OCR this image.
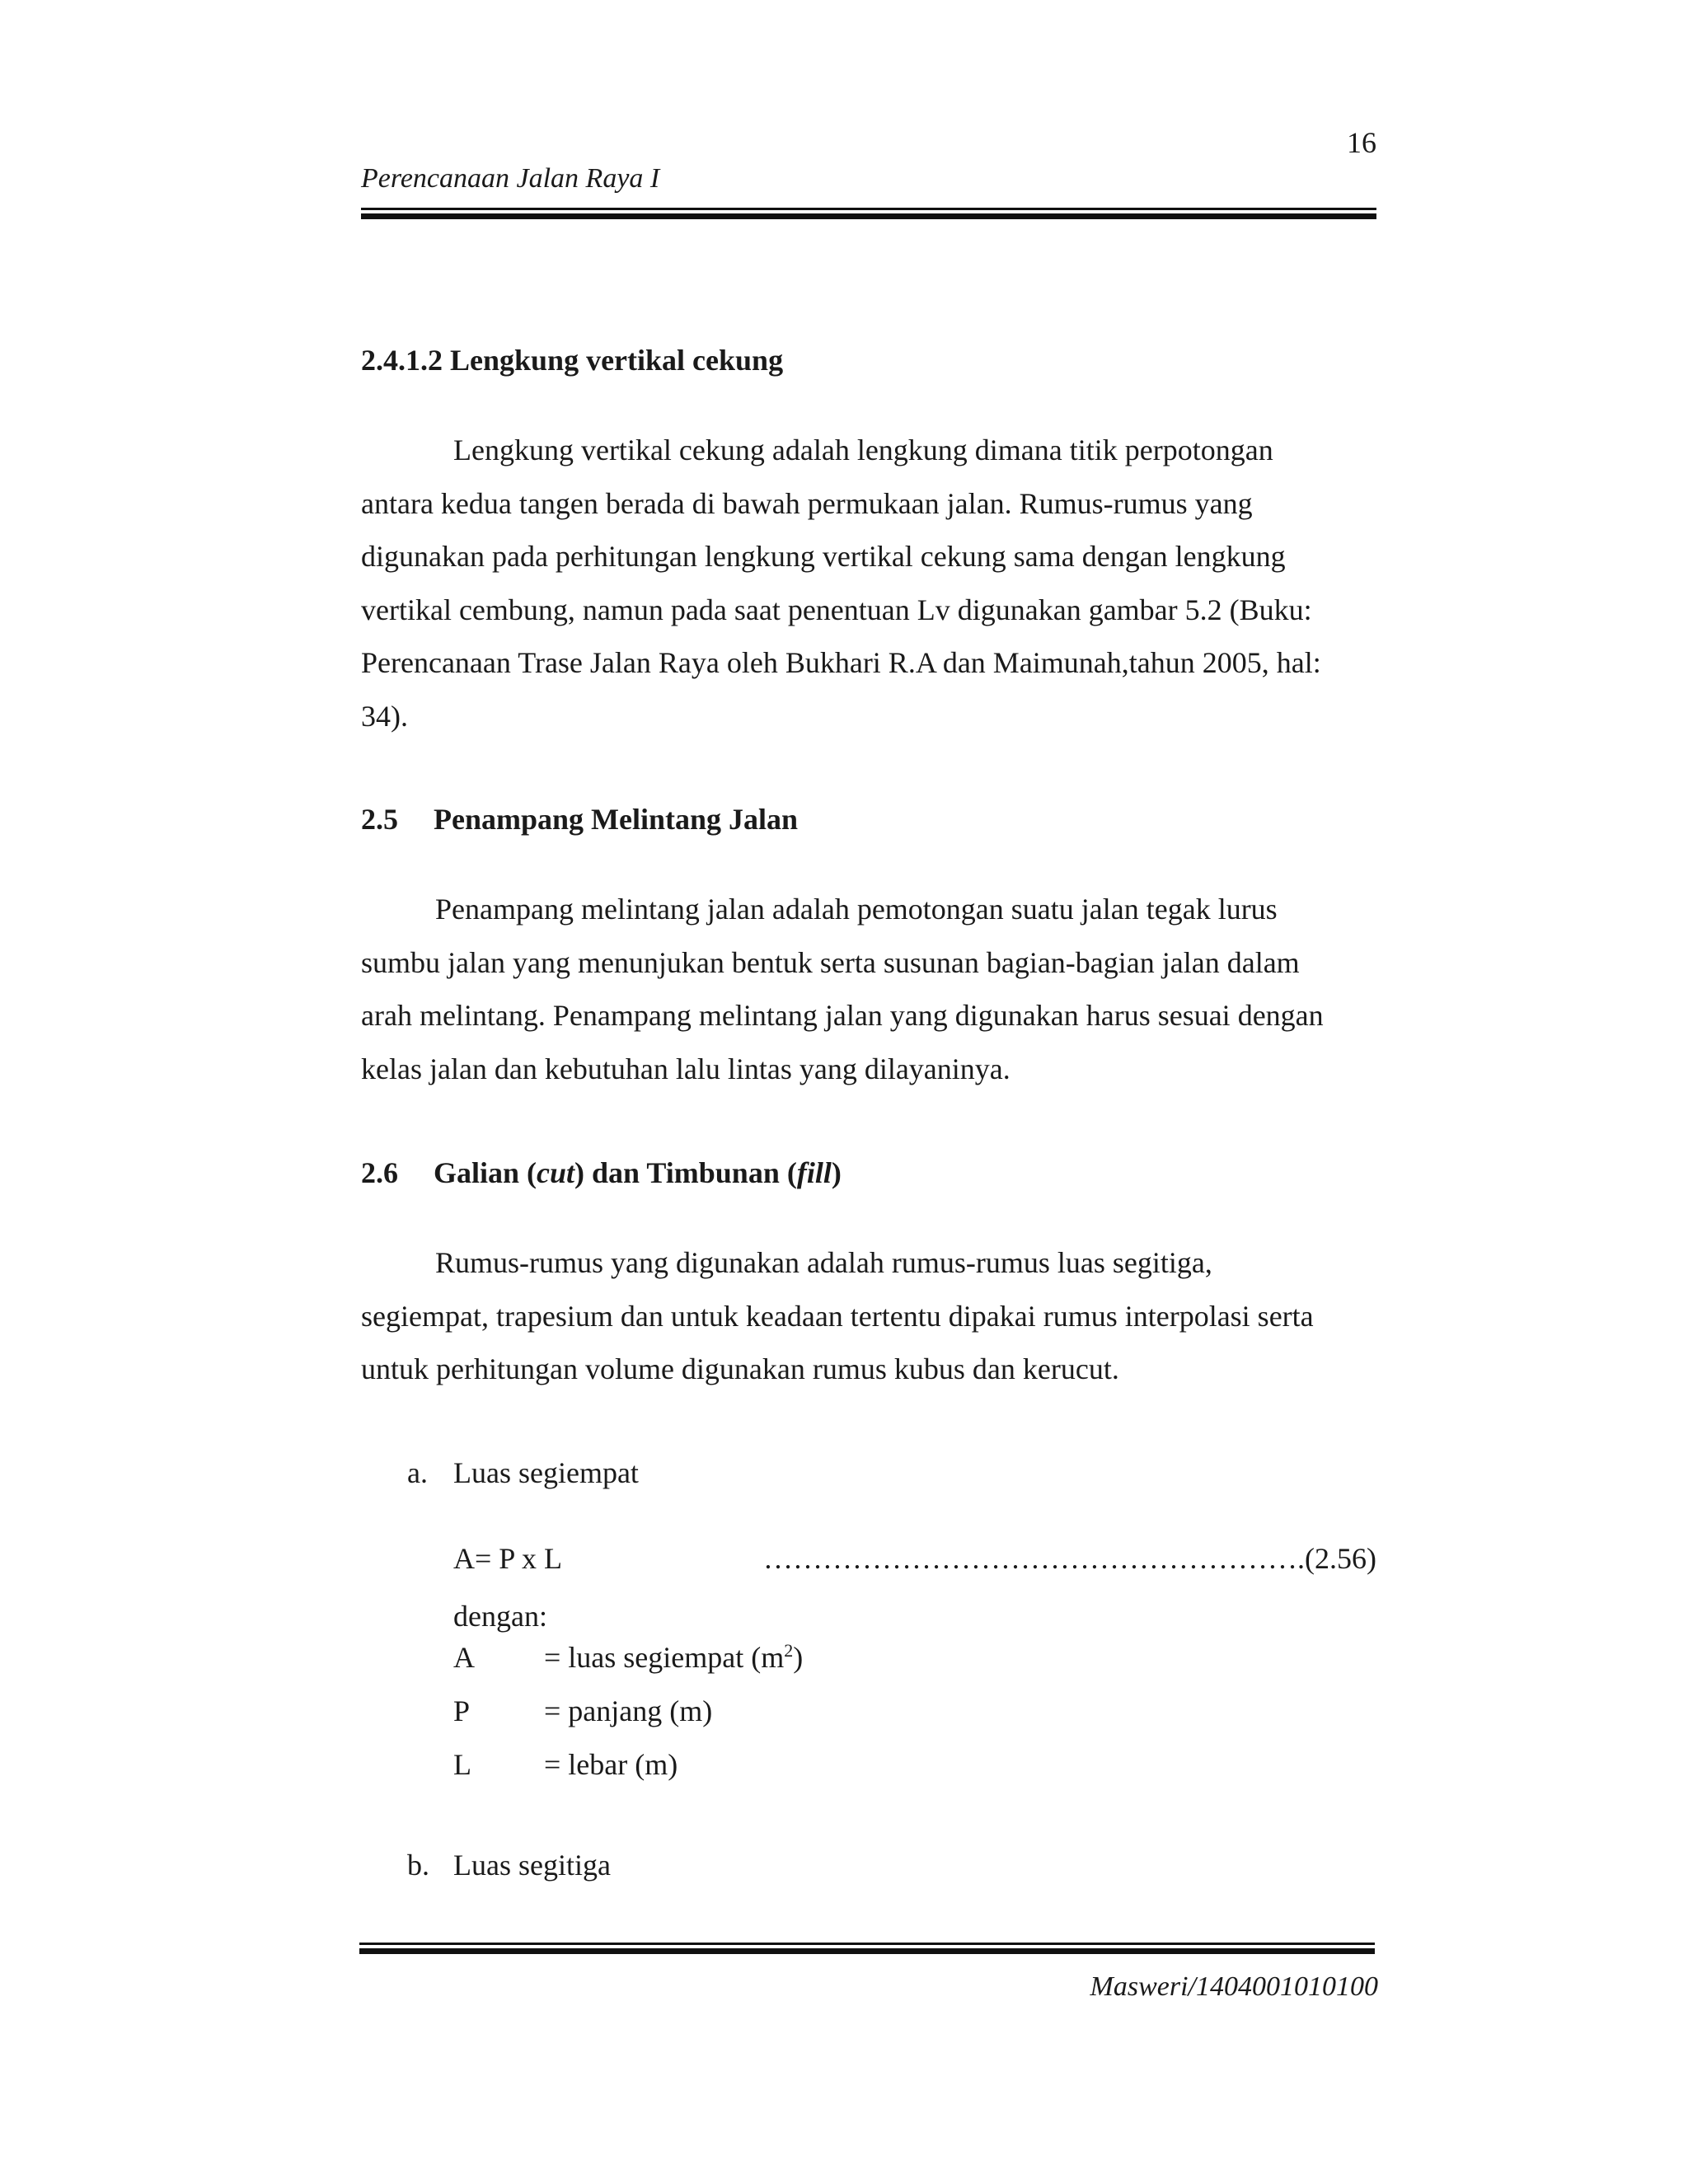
16
Perencanaan Jalan Raya I
2.4.1.2 Lengkung vertikal cekung
Lengkung vertikal cekung adalah lengkung dimana titik perpotongan
antara kedua tangen berada di bawah permukaan jalan. Rumus-rumus yang
digunakan pada perhitungan lengkung vertikal cekung sama dengan lengkung
vertikal cembung, namun pada saat penentuan Lv digunakan gambar 5.2 (Buku:
Perencanaan Trase Jalan Raya oleh Bukhari R.A dan Maimunah,tahun 2005, hal:
34).
2.5 Penampang Melintang Jalan
Penampang melintang jalan adalah pemotongan suatu jalan tegak lurus
sumbu jalan yang menunjukan bentuk serta susunan bagian-bagian jalan dalam
arah melintang. Penampang melintang jalan yang digunakan harus sesuai dengan
kelas jalan dan kebutuhan lalu lintas yang dilayaninya.
2.6 Galian (cut) dan Timbunan (fill)
Rumus-rumus yang digunakan adalah rumus-rumus luas segitiga,
segiempat, trapesium dan untuk keadaan tertentu dipakai rumus interpolasi serta
untuk perhitungan volume digunakan rumus kubus dan kerucut.
a. Luas segiempat
A= P x L	……………………………………………….(2.56)
dengan:
A = luas segiempat $(m^2)$
P = panjang (m)
L = lebar (m)
b. Luas segitiga
Masweri/1404001010100
